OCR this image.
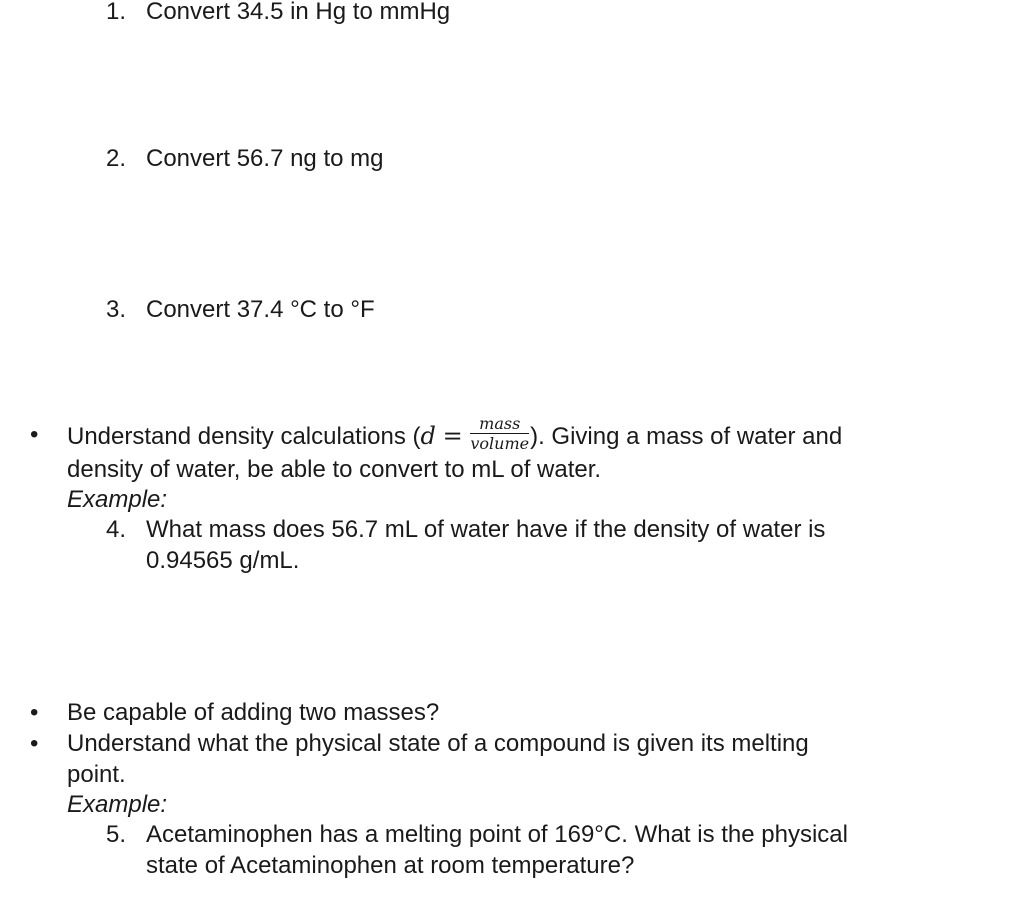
1. Convert 34.5 in Hg to mmHg
2. Convert 56.7 ng to mg
3. Convert 37.4 °C to °F
• Understand density calculations ($d = \frac{\text{mass}}{\text{volume}}$ ). Giving a mass of water and
density of water, be able to convert to mL of water.
Example:
4. What mass does 56.7 mL of water have if the density of water is
0.94565 g/mL.
• Be capable of adding two masses?
• Understand what the physical state of a compound is given its melting
point.
Example:
5. Acetaminophen has a melting point of 169°C. What is the physical
state of Acetaminophen at room temperature?
